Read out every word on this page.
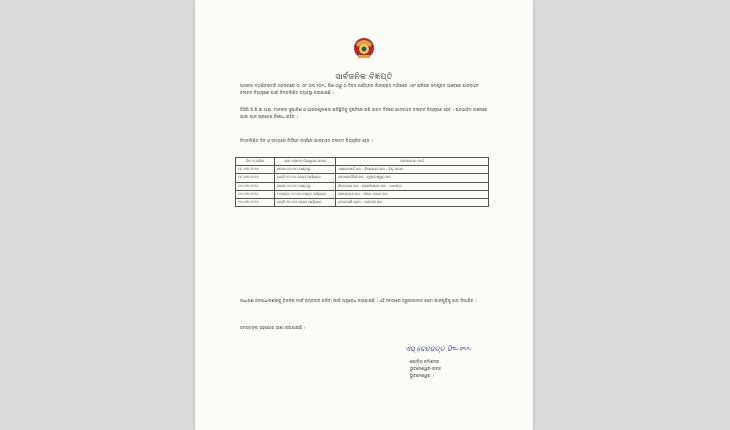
ସାର୍ବଜନିକ ବିଜ୍ଞପ୍ତି
ଆସନ୍ତା ମହାଶିବରାତ୍ରି ଅବସରରେ ତା. ୦୮.୦୩.୨୦୨୪ ରିଖ ଠାରୁ ୦ ଦିବସ ପର୍ଯ୍ୟନ୍ତ ଲିଙ୍ଗରାଜ ମନ୍ଦିରରେ ଏବଂ ପରିସର ସମ୍ପୃକ୍ତ ଅଞ୍ଚଳରେ ଯାନବାହନ ଚଳାଚଳ ନିୟନ୍ତ୍ରଣ ପାଇଁ ନିମ୍ନଲିଖିତ ବ୍ୟବସ୍ଥା କରାଯାଇଛି ।
ଡିସିପି ସି.ପି.ଇ.ଆଇ. ମାନଙ୍କ ସୁପାରିଶ ଓ ଆଇନଶୃଙ୍ଖଳା ପରିସ୍ଥିତିକୁ ଦୃଷ୍ଟିରେ ରଖି ଉକ୍ତ ଦିନରେ ଯାନବାହନ ଚଳାଚଳ ନିୟନ୍ତ୍ରଣ ହେବ । ପ୍ରଭାବିତ ଅଞ୍ଚଳରେ ଭାରୀ ଯାନ ପ୍ରବେଶ ନିଷେଧ ରହିବ ।
ନିମ୍ନଲିଖିତ ଦିନ ଓ ସମୟରେ ନିର୍ଦ୍ଦିଷ୍ଟ ମାର୍ଗରେ ଯାନବାହନ ଚଳାଚଳ ନିୟନ୍ତ୍ରିତ ହେବ ।
ଦିନ ଓ ତାରିଖ	ଯାନ ଚଳାଚଳ ନିୟନ୍ତ୍ରଣ ସମୟ	ଗମନାଗମନ ମାର୍ଗ
୦୮.୦୩.୨୦୨୪	ସକାଳ ୦୬.୦୦ ଘଣ୍ଟାରୁ	ଏୟାରପୋର୍ଟ ଛକ - ଲିଙ୍ଗରାଜ ଛକ - ବିନ୍ଦୁ ସାଗର
୦୮.୦୩.୨୦୨୪	ରାତ୍ରି ୧୨.୦୦ ଘଣ୍ଟା ପର୍ଯ୍ୟନ୍ତ	କେଦାରଗୌରୀ ଛକ - ମୁକ୍ତେଶ୍ୱର ଛକ
୦୯.୦୩.୨୦୨୪	ସକାଳ ୦୬.୦୦ ଘଣ୍ଟାରୁ	ଲିଙ୍ଗରାଜ ଛକ - ଲକ୍ଷ୍ମୀସାଗର ଛକ - ଝାରପଡ଼ା
୦୯.୦୩.୨୦୨୪	ଅପରାହ୍ନ ୦୨.୦୦ ଘଣ୍ଟା ପର୍ଯ୍ୟନ୍ତ	ଭୀମତାଙ୍ଗୀ ଛକ - ଓଲ୍ଡ ଟାଉନ ଛକ
୧୦.୦୩.୨୦୨୪	ରାତ୍ରି ୧୦.୦୦ ଘଣ୍ଟା ପର୍ଯ୍ୟନ୍ତ	ଟଙ୍କପାଣି ରୋଡ - କଲ୍ପନା ଛକ
ସାଧାରଣ ଜନସାଧାରଣଙ୍କୁ ବିକଳ୍ପ ମାର୍ଗ ବ୍ୟବହାର କରିବା ପାଇଁ ଅନୁରୋଧ କରାଯାଉଛି । ଏହି ସମୟରେ ଜରୁରୀକାଳୀନ ସେବା ଯାନଗୁଡ଼ିକୁ ଛାଡ଼ ଦିଆଯିବ ।
ସମସ୍ତଙ୍କ ସହଯୋଗ ଆଶା କରାଯାଉଛି ।
ଏସ୍ ଦେବଦତ୍ତ ସିଂ ୦୪.୦୩.୨୪
ପୋଲିସ କମିଶନର
ଭୁବନେଶ୍ୱର-କଟକ
ଭୁବନେଶ୍ୱର ।
